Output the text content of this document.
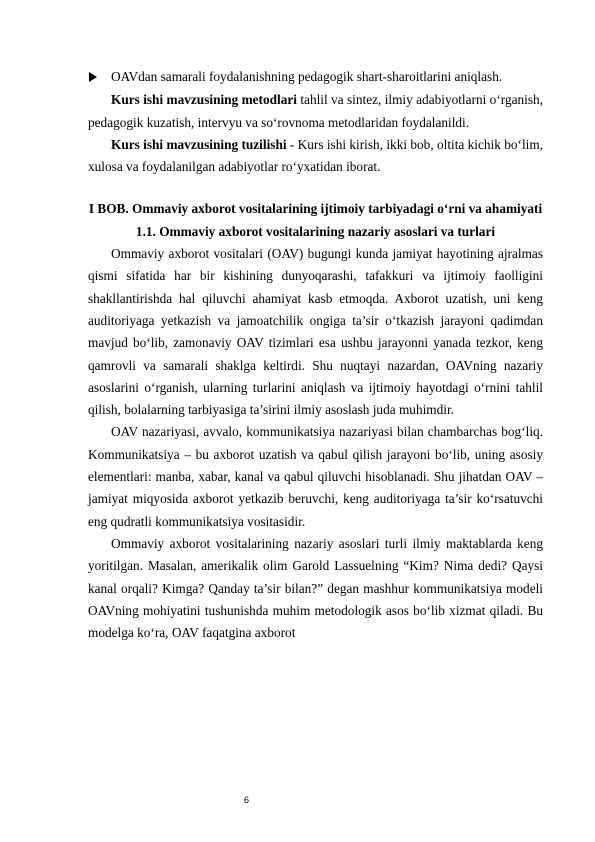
OAVdan samarali foydalanishning pedagogik shart-sharoitlarini aniqlash.

Kurs ishi mavzusining metodlari tahlil va sintez, ilmiy adabiyotlarni o‘rganish, pedagogik kuzatish, intervyu va so‘rovnoma metodlaridan foydalanildi.

Kurs ishi mavzusining tuzilishi - Kurs ishi kirish, ikki bob, oltita kichik bo‘lim, xulosa va foydalanilgan adabiyotlar ro‘yxatidan iborat.

I BOB. Ommaviy axborot vositalarining ijtimoiy tarbiyadagi o‘rni va ahamiyati

1.1. Ommaviy axborot vositalarining nazariy asoslari va turlari

Ommaviy axborot vositalari (OAV) bugungi kunda jamiyat hayotining ajralmas qismi sifatida har bir kishining dunyoqarashi, tafakkuri va ijtimoiy faolligini shakllantirishda hal qiluvchi ahamiyat kasb etmoqda. Axborot uzatish, uni keng auditoriyaga yetkazish va jamoatchilik ongiga ta’sir o‘tkazish jarayoni qadimdan mavjud bo‘lib, zamonaviy OAV tizimlari esa ushbu jarayonni yanada tezkor, keng qamrovli va samarali shaklga keltirdi. Shu nuqtayi nazardan, OAVning nazariy asoslarini o‘rganish, ularning turlarini aniqlash va ijtimoiy hayotdagi o‘rnini tahlil qilish, bolalarning tarbiyasiga ta’sirini ilmiy asoslash juda muhimdir.

OAV nazariyasi, avvalo, kommunikatsiya nazariyasi bilan chambarchas bog‘liq. Kommunikatsiya – bu axborot uzatish va qabul qilish jarayoni bo‘lib, uning asosiy elementlari: manba, xabar, kanal va qabul qiluvchi hisoblanadi. Shu jihatdan OAV – jamiyat miqyosida axborot yetkazib beruvchi, keng auditoriyaga ta’sir ko‘rsatuvchi eng qudratli kommunikatsiya vositasidir.

Ommaviy axborot vositalarining nazariy asoslari turli ilmiy maktablarda keng yoritilgan. Masalan, amerikalik olim Garold Lassuelning “Kim? Nima dedi? Qaysi kanal orqali? Kimga? Qanday ta’sir bilan?” degan mashhur kommunikatsiya modeli OAVning mohiyatini tushunishda muhim metodologik asos bo‘lib xizmat qiladi. Bu modelga ko‘ra, OAV faqatgina axborot

6
